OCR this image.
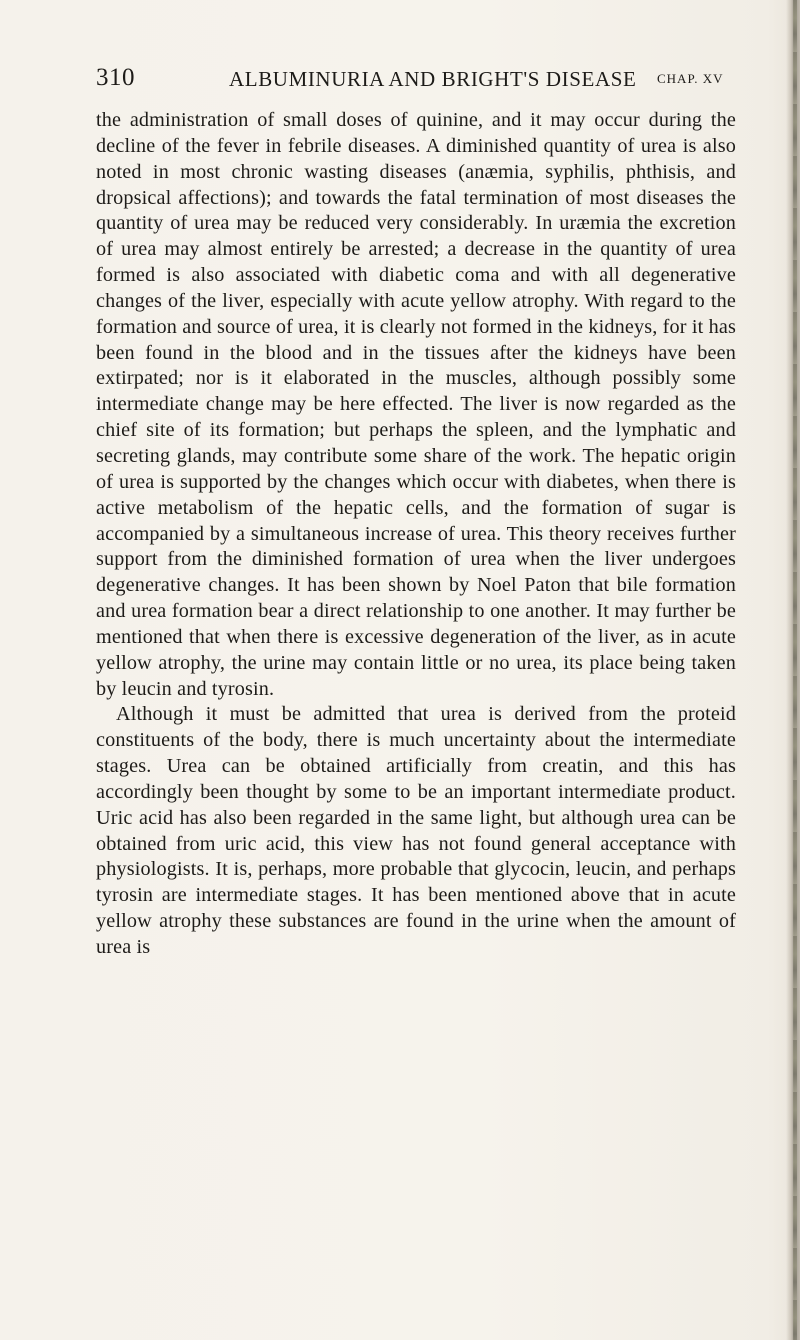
310	ALBUMINURIA AND BRIGHT'S DISEASE CHAP. XV

the administration of small doses of quinine, and it may occur during the decline of the fever in febrile diseases. A diminished quantity of urea is also noted in most chronic wasting diseases (anæmia, syphilis, phthisis, and dropsical affections); and towards the fatal termination of most diseases the quantity of urea may be reduced very considerably. In uræmia the excretion of urea may almost entirely be arrested; a decrease in the quantity of urea formed is also associated with diabetic coma and with all degenerative changes of the liver, especially with acute yellow atrophy. With regard to the formation and source of urea, it is clearly not formed in the kidneys, for it has been found in the blood and in the tissues after the kidneys have been extirpated; nor is it elaborated in the muscles, although possibly some intermediate change may be here effected. The liver is now regarded as the chief site of its formation; but perhaps the spleen, and the lymphatic and secreting glands, may contribute some share of the work. The hepatic origin of urea is supported by the changes which occur with diabetes, when there is active metabolism of the hepatic cells, and the formation of sugar is accompanied by a simultaneous increase of urea. This theory receives further support from the diminished formation of urea when the liver undergoes degenerative changes. It has been shown by Noel Paton that bile formation and urea formation bear a direct relationship to one another. It may further be mentioned that when there is excessive degeneration of the liver, as in acute yellow atrophy, the urine may contain little or no urea, its place being taken by leucin and tyrosin.

Although it must be admitted that urea is derived from the proteid constituents of the body, there is much uncertainty about the intermediate stages. Urea can be obtained artificially from creatin, and this has accordingly been thought by some to be an important intermediate product. Uric acid has also been regarded in the same light, but although urea can be obtained from uric acid, this view has not found general acceptance with physiologists. It is, perhaps, more probable that glycocin, leucin, and perhaps tyrosin are intermediate stages. It has been mentioned above that in acute yellow atrophy these substances are found in the urine when the amount of urea is
